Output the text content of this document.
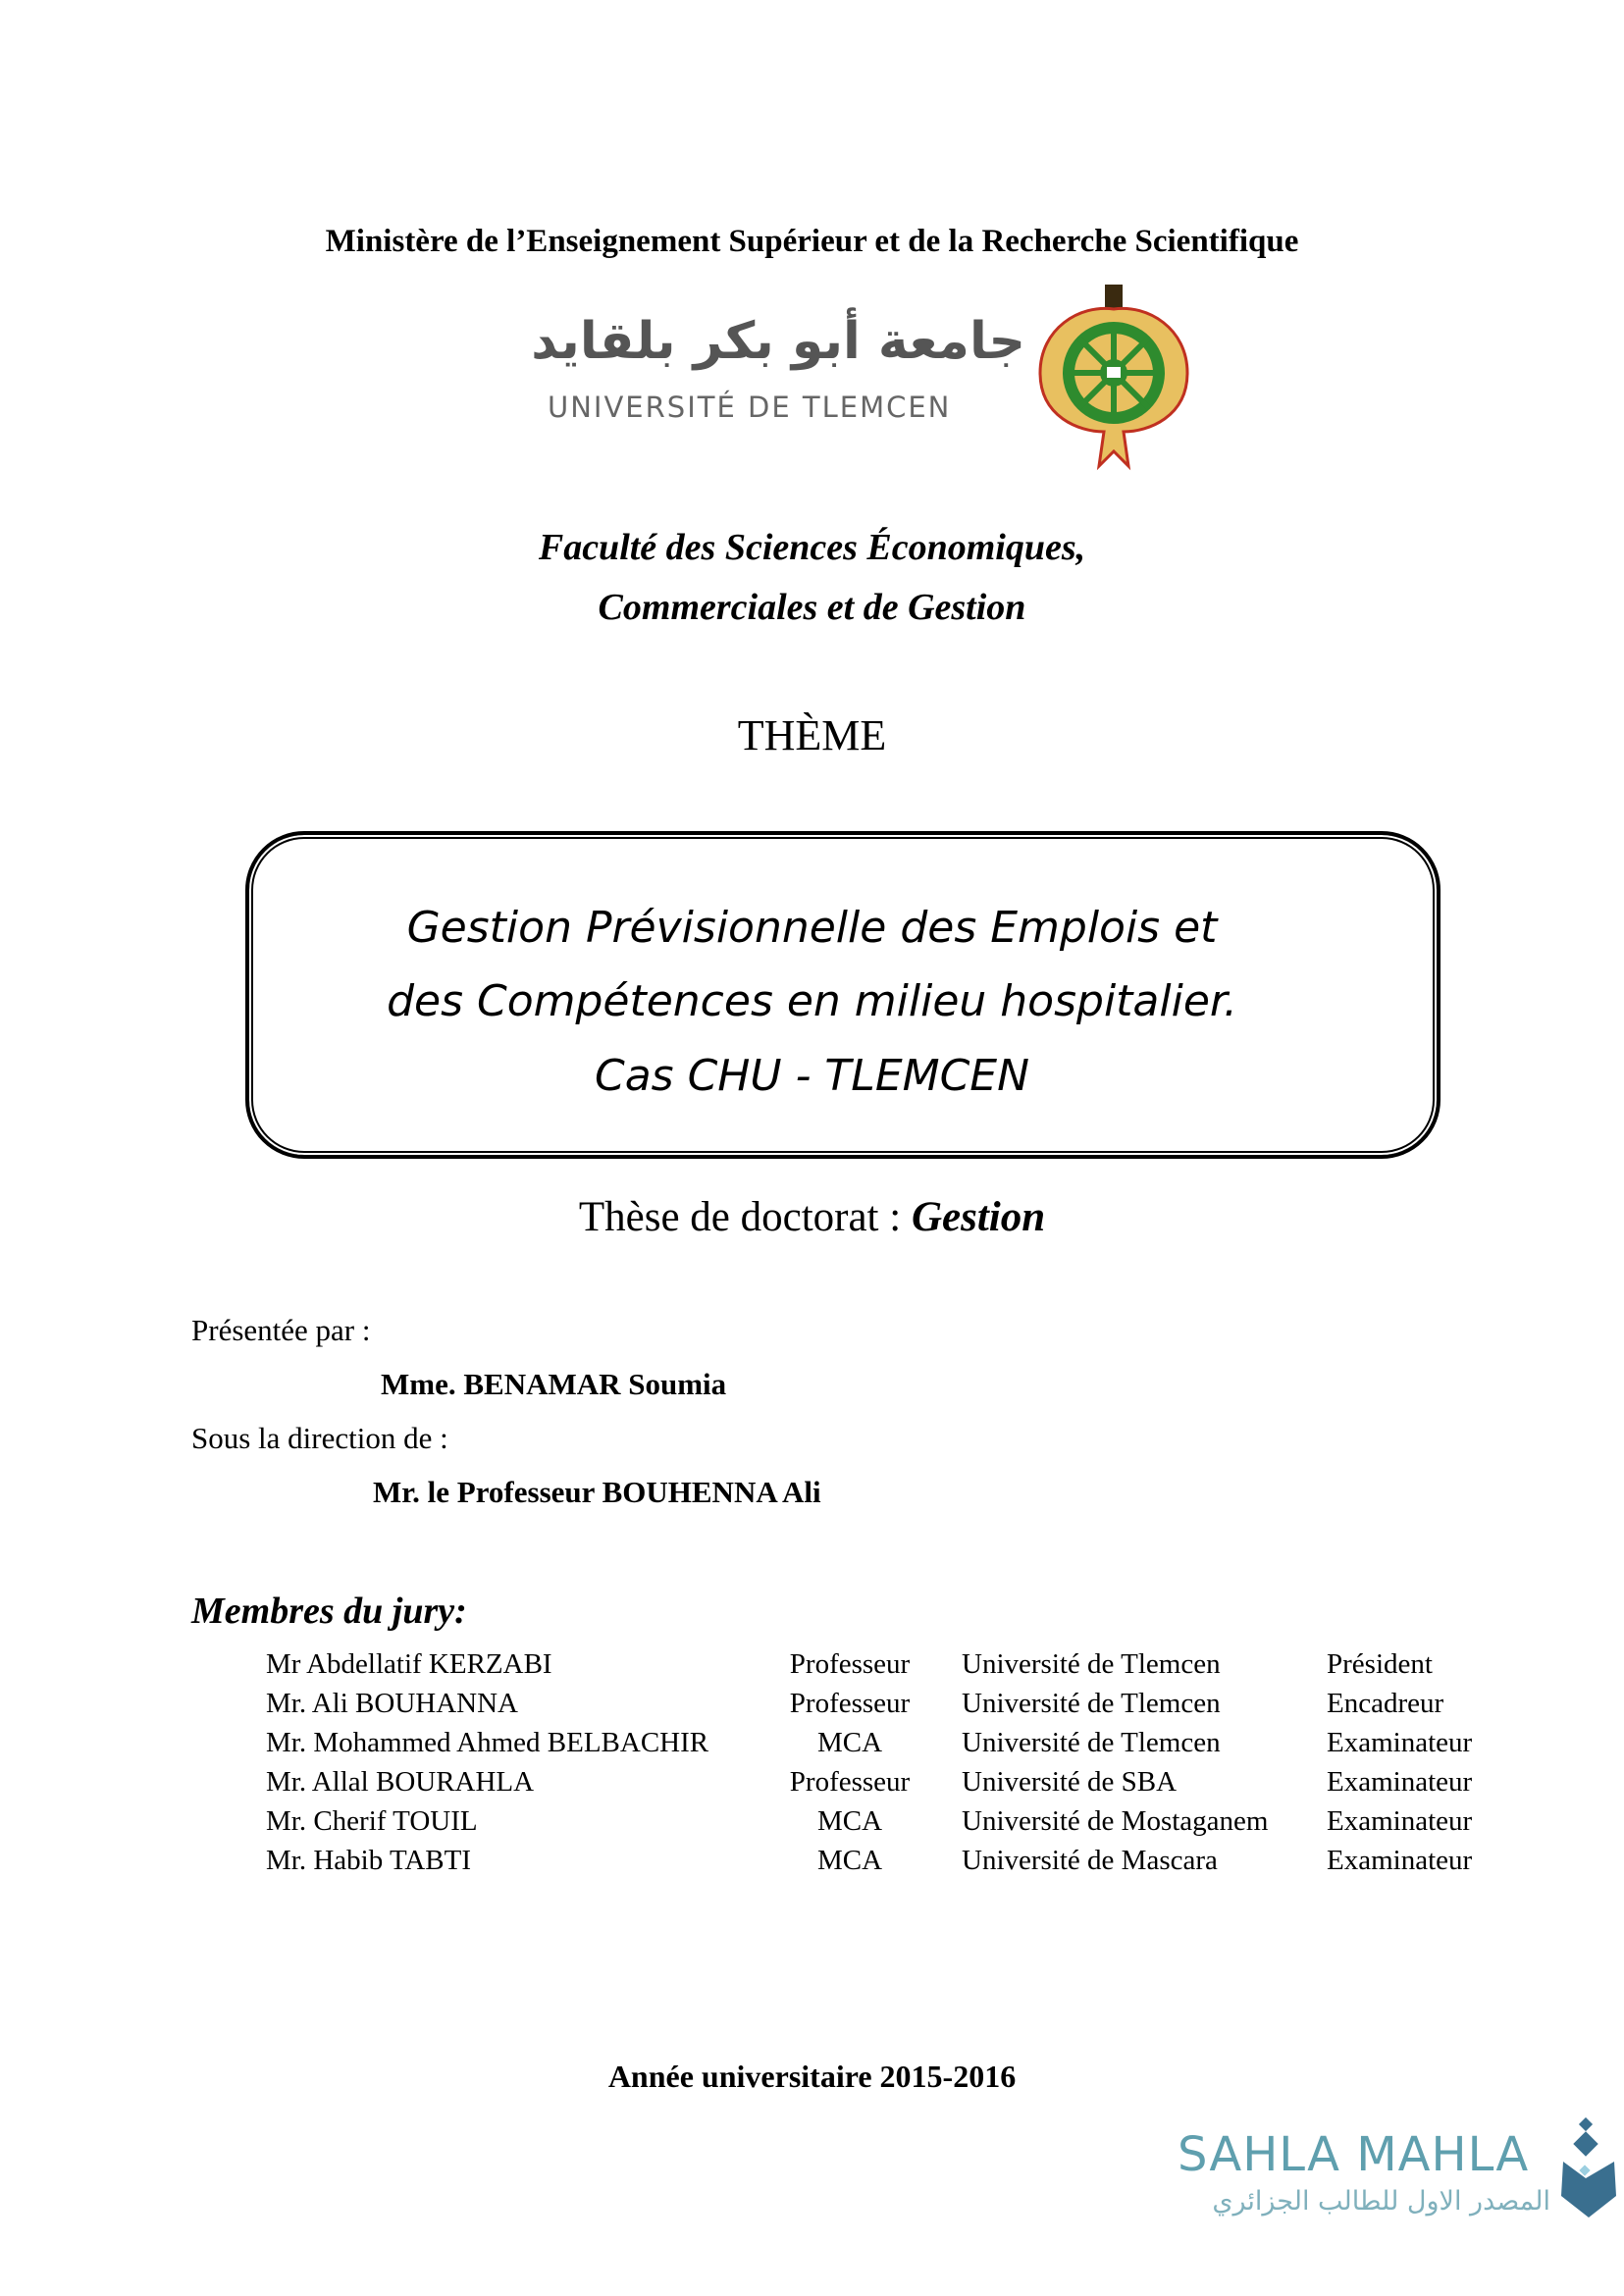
Ministère de l’Enseignement Supérieur et de la Recherche Scientifique
جامعة أبو بكر بلقايد
UNIVERSITÉ DE TLEMCEN
Faculté des Sciences Économiques,
Commerciales et de Gestion
THÈME
Gestion Prévisionnelle des Emplois et
des Compétences en milieu hospitalier.
Cas CHU - TLEMCEN
Thèse de doctorat : Gestion
Présentée par :
Mme. BENAMAR Soumia
Sous la direction de :
Mr. le Professeur BOUHENNA Ali
Membres du jury:
Mr Abdellatif KERZABI	Professeur Université de Tlemcen	Président
Mr. Ali BOUHANNA	Professeur Université de Tlemcen	Encadreur
Mr. Mohammed Ahmed BELBACHIR	MCA	Université de Tlemcen	Examinateur
Mr. Allal BOURAHLA	Professeur Université de SBA	Examinateur
Mr. Cherif TOUIL	MCA	Université de Mostaganem Examinateur
Mr. Habib TABTI	MCA	Université de Mascara	Examinateur
Année universitaire 2015-2016
SAHLA MAHLA
المصدر الاول للطالب الجزائري
